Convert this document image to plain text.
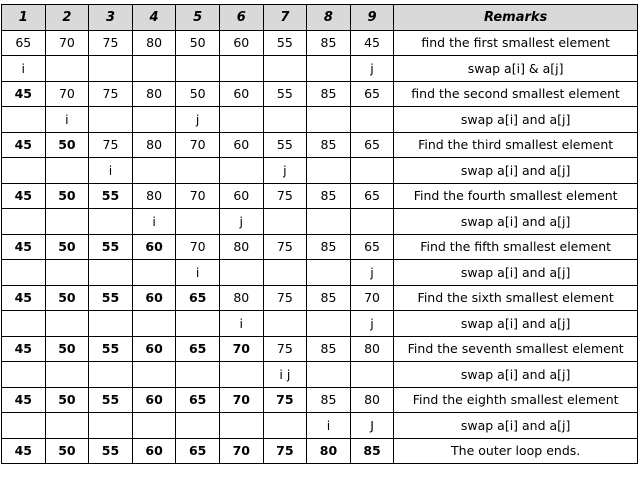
1	2	3	4	5	6	7	8	9	Remarks
65	70	75	80	50	60	55	85	45	find the first smallest element
i								j	swap a[i] & a[j]
45	70	75	80	50	60	55	85	65	find the second smallest element
	i			j					swap a[i] and a[j]
45	50	75	80	70	60	55	85	65	Find the third smallest element
		i				j			swap a[i] and a[j]
45	50	55	80	70	60	75	85	65	Find the fourth smallest element
			i		j				swap a[i] and a[j]
45	50	55	60	70	80	75	85	65	Find the fifth smallest element
				i				j	swap a[i] and a[j]
45	50	55	60	65	80	75	85	70	Find the sixth smallest element
					i			j	swap a[i] and a[j]
45	50	55	60	65	70	75	85	80	Find the seventh smallest element
						i j			swap a[i] and a[j]
45	50	55	60	65	70	75	85	80	Find the eighth smallest element
							i	J	swap a[i] and a[j]
45	50	55	60	65	70	75	80	85	The outer loop ends.
